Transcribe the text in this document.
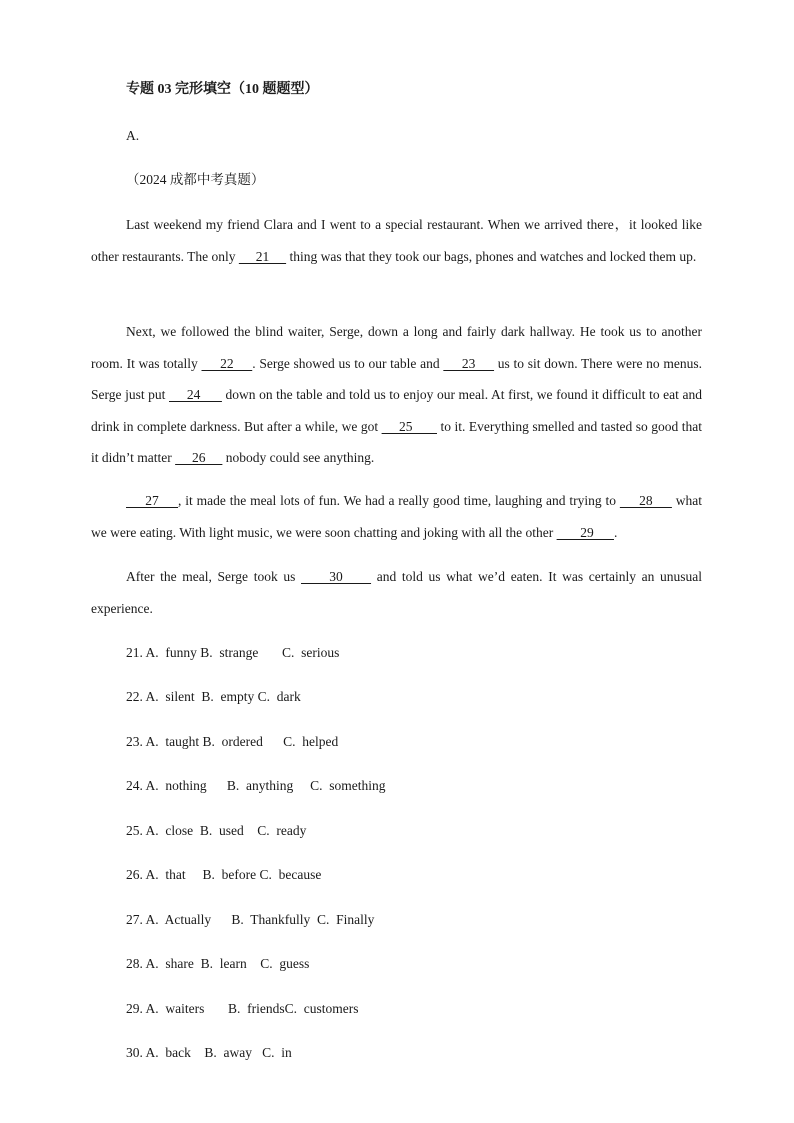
专题 03 完形填空（10 题题型）
A.
（2024 成都中考真题）
Last weekend my friend Clara and I went to a special restaurant. When we arrived there，it looked like other restaurants. The only      21      thing was that they took our bags, phones and watches and locked them up.
Next, we followed the blind waiter, Serge, down a long and fairly dark hallway. He took us to another room. It was totally      22     . Serge showed us to our table and      23      us to sit down. There were no menus. Serge just put      24       down on the table and told us to enjoy our meal. At first, we found it difficult to eat and drink in complete darkness. But after a while, we got      25        to it. Everything smelled and tasted so good that it didn’t matter      26      nobody could see anything.
27     , it made the meal lots of fun. We had a really good time, laughing and trying to      28      what we were eating. With light music, we were soon chatting and joking with all the other        29      .
After the meal, Serge took us      30      and told us what we’d eaten. It was certainly an unusual experience.
21. A.  funny B.  strange       C.  serious
22. A.  silent  B.  empty C.  dark
23. A.  taught B.  ordered      C.  helped
24. A.  nothing      B.  anything     C.  something
25. A.  close  B.  used    C.  ready
26. A.  that     B.  before C.  because
27. A.  Actually      B.  Thankfully  C.  Finally
28. A.  share  B.  learn    C.  guess
29. A.  waiters       B.  friendsC.  customers
30. A.  back    B.  away   C.  in
